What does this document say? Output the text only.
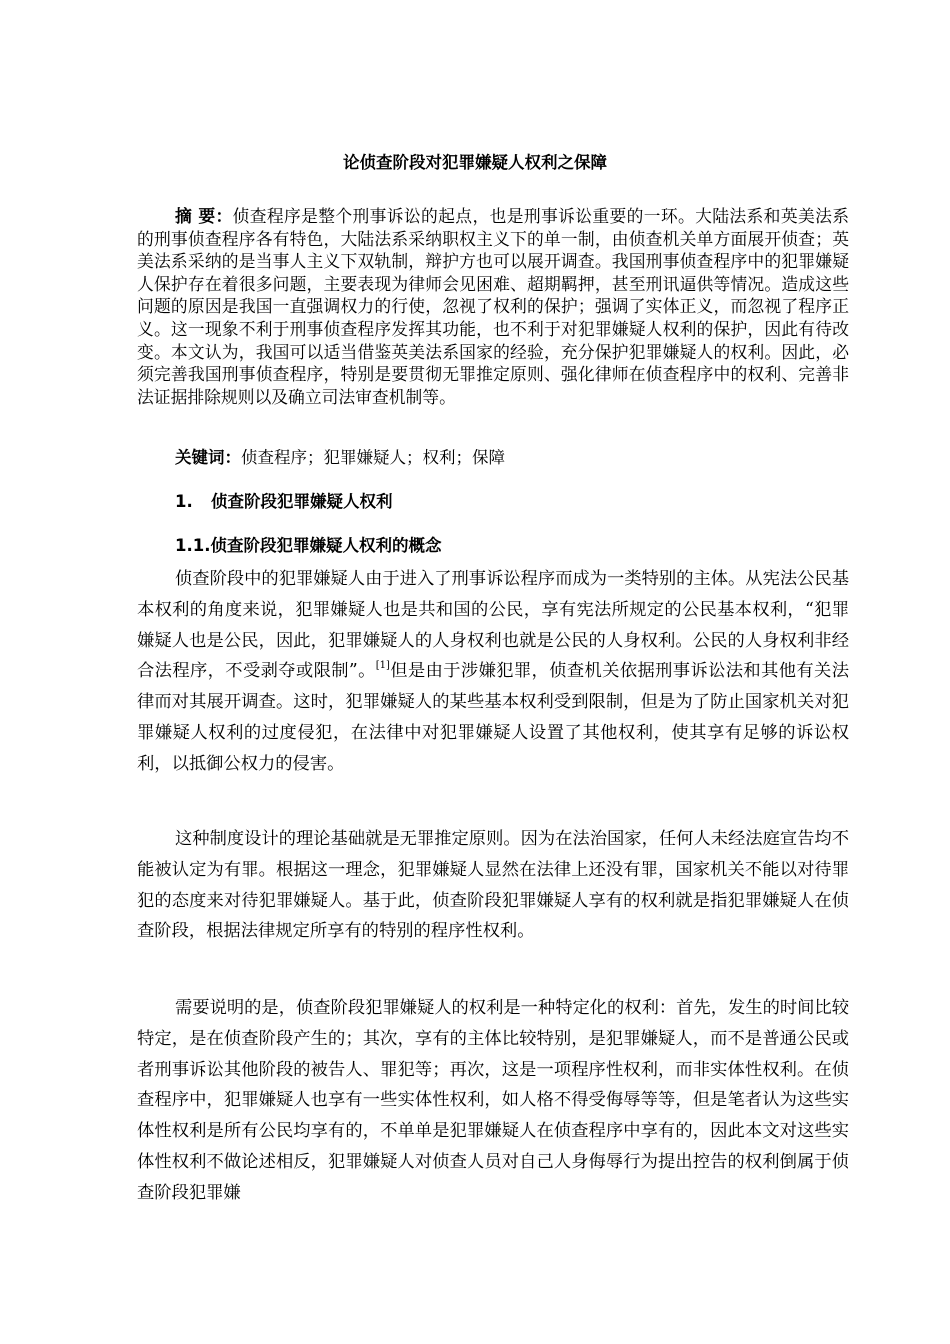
论侦查阶段对犯罪嫌疑人权利之保障
摘 要：侦查程序是整个刑事诉讼的起点，也是刑事诉讼重要的一环。大陆法系和英美法系的刑事侦查程序各有特色，大陆法系采纳职权主义下的单一制，由侦查机关单方面展开侦查；英美法系采纳的是当事人主义下双轨制，辩护方也可以展开调查。我国刑事侦查程序中的犯罪嫌疑人保护存在着很多问题，主要表现为律师会见困难、超期羁押，甚至刑讯逼供等情况。造成这些问题的原因是我国一直强调权力的行使，忽视了权利的保护；强调了实体正义，而忽视了程序正义。这一现象不利于刑事侦查程序发挥其功能，也不利于对犯罪嫌疑人权利的保护，因此有待改变。本文认为，我国可以适当借鉴英美法系国家的经验，充分保护犯罪嫌疑人的权利。因此，必须完善我国刑事侦查程序，特别是要贯彻无罪推定原则、强化律师在侦查程序中的权利、完善非法证据排除规则以及确立司法审查机制等。
关键词：侦查程序；犯罪嫌疑人；权利；保障
1. 侦查阶段犯罪嫌疑人权利
1.1.侦查阶段犯罪嫌疑人权利的概念

侦查阶段中的犯罪嫌疑人由于进入了刑事诉讼程序而成为一类特别的主体。从宪法公民基本权利的角度来说，犯罪嫌疑人也是共和国的公民，享有宪法所规定的公民基本权利，“犯罪嫌疑人也是公民，因此，犯罪嫌疑人的人身权利也就是公民的人身权利。公民的人身权利非经合法程序，不受剥夺或限制”。[1]但是由于涉嫌犯罪，侦查机关依据刑事诉讼法和其他有关法律而对其展开调查。这时，犯罪嫌疑人的某些基本权利受到限制，但是为了防止国家机关对犯罪嫌疑人权利的过度侵犯，在法律中对犯罪嫌疑人设置了其他权利，使其享有足够的诉讼权利，以抵御公权力的侵害。

这种制度设计的理论基础就是无罪推定原则。因为在法治国家，任何人未经法庭宣告均不能被认定为有罪。根据这一理念，犯罪嫌疑人显然在法律上还没有罪，国家机关不能以对待罪犯的态度来对待犯罪嫌疑人。基于此，侦查阶段犯罪嫌疑人享有的权利就是指犯罪嫌疑人在侦查阶段，根据法律规定所享有的特别的程序性权利。

需要说明的是，侦查阶段犯罪嫌疑人的权利是一种特定化的权利：首先，发生的时间比较特定，是在侦查阶段产生的；其次，享有的主体比较特别，是犯罪嫌疑人，而不是普通公民或者刑事诉讼其他阶段的被告人、罪犯等；再次，这是一项程序性权利，而非实体性权利。在侦查程序中，犯罪嫌疑人也享有一些实体性权利，如人格不得受侮辱等等，但是笔者认为这些实体性权利是所有公民均享有的，不单单是犯罪嫌疑人在侦查程序中享有的，因此本文对这些实体性权利不做论述相反，犯罪嫌疑人对侦查人员对自己人身侮辱行为提出控告的权利倒属于侦查阶段犯罪嫌
